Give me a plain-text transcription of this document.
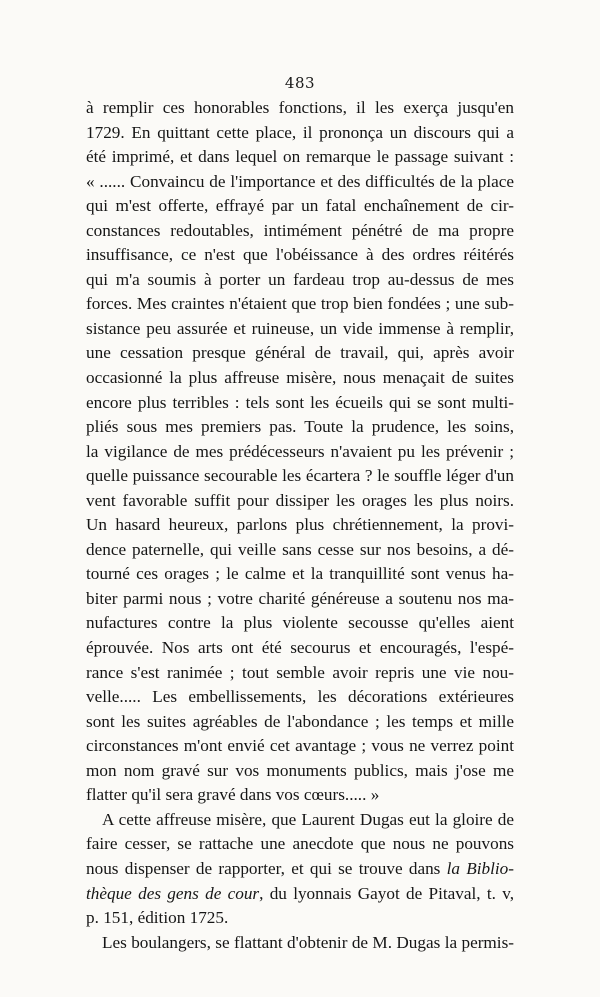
483
à remplir ces honorables fonctions, il les exerça jusqu'en
1729. En quittant cette place, il prononça un discours qui a
été imprimé, et dans lequel on remarque le passage suivant :
« ...... Convaincu de l'importance et des difficultés de la place
qui m'est offerte, effrayé par un fatal enchaînement de cir-
constances redoutables, intimément pénétré de ma propre
insuffisance, ce n'est que l'obéissance à des ordres réitérés
qui m'a soumis à porter un fardeau trop au-dessus de mes
forces. Mes craintes n'étaient que trop bien fondées ; une sub-
sistance peu assurée et ruineuse, un vide immense à remplir,
une cessation presque général de travail, qui, après avoir
occasionné la plus affreuse misère, nous menaçait de suites
encore plus terribles : tels sont les écueils qui se sont multi-
pliés sous mes premiers pas. Toute la prudence, les soins,
la vigilance de mes prédécesseurs n'avaient pu les prévenir ;
quelle puissance secourable les écartera ? le souffle léger d'un
vent favorable suffit pour dissiper les orages les plus noirs.
Un hasard heureux, parlons plus chrétiennement, la provi-
dence paternelle, qui veille sans cesse sur nos besoins, a dé-
tourné ces orages ; le calme et la tranquillité sont venus ha-
biter parmi nous ; votre charité généreuse a soutenu nos ma-
nufactures contre la plus violente secousse qu'elles aient
éprouvée. Nos arts ont été secourus et encouragés, l'espé-
rance s'est ranimée ; tout semble avoir repris une vie nou-
velle..... Les embellissements, les décorations extérieures
sont les suites agréables de l'abondance ; les temps et mille
circonstances m'ont envié cet avantage ; vous ne verrez point
mon nom gravé sur vos monuments publics, mais j'ose me
flatter qu'il sera gravé dans vos cœurs..... »
A cette affreuse misère, que Laurent Dugas eut la gloire de
faire cesser, se rattache une anecdote que nous ne pouvons
nous dispenser de rapporter, et qui se trouve dans la Biblio-
thèque des gens de cour, du lyonnais Gayot de Pitaval, t. v,
p. 151, édition 1725.
Les boulangers, se flattant d'obtenir de M. Dugas la permis-
